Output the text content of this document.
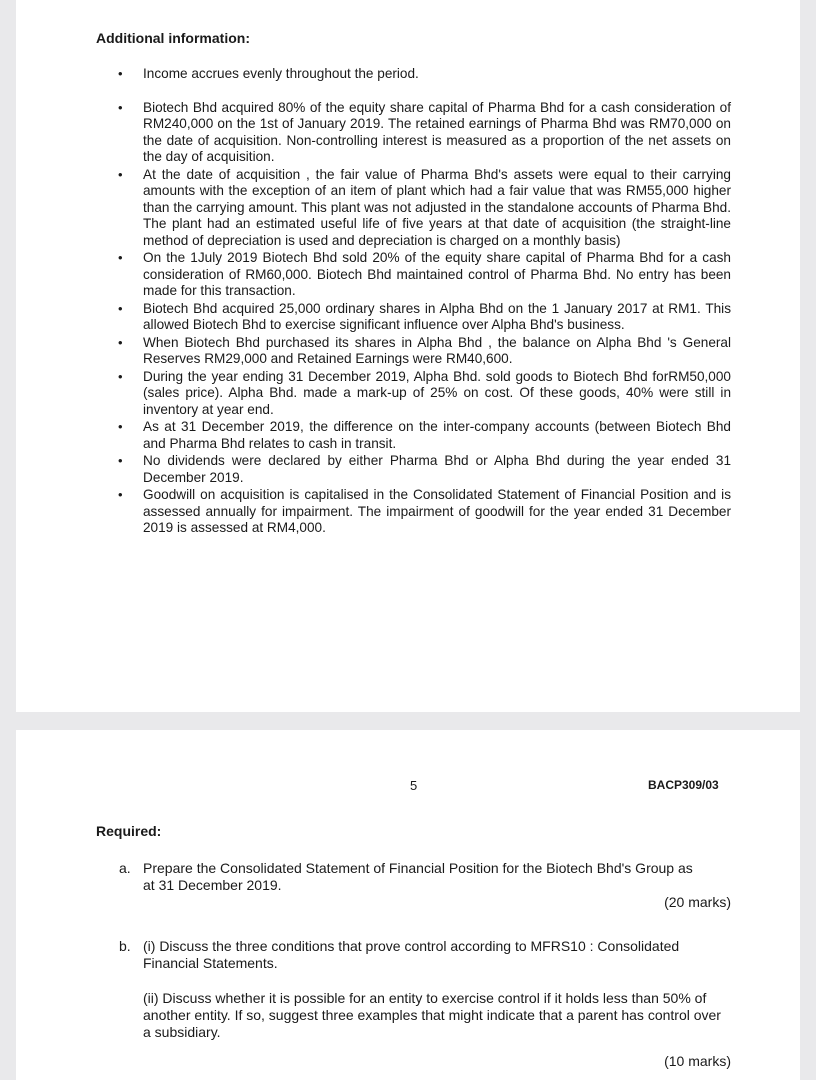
Additional information:
• Income accrues evenly throughout the period.
• Biotech Bhd acquired 80% of the equity share capital of Pharma Bhd for a cash consideration of RM240,000 on the 1st of January 2019. The retained earnings of Pharma Bhd was RM70,000 on the date of acquisition. Non-controlling interest is measured as a proportion of the net assets on the day of acquisition.
• At the date of acquisition , the fair value of Pharma Bhd's assets were equal to their carrying amounts with the exception of an item of plant which had a fair value that was RM55,000 higher than the carrying amount. This plant was not adjusted in the standalone accounts of Pharma Bhd. The plant had an estimated useful life of five years at that date of acquisition (the straight-line method of depreciation is used and depreciation is charged on a monthly basis)
• On the 1July 2019 Biotech Bhd sold 20% of the equity share capital of Pharma Bhd for a cash consideration of RM60,000. Biotech Bhd maintained control of Pharma Bhd. No entry has been made for this transaction.
• Biotech Bhd acquired 25,000 ordinary shares in Alpha Bhd on the 1 January 2017 at RM1. This allowed Biotech Bhd to exercise significant influence over Alpha Bhd's business.
• When Biotech Bhd purchased its shares in Alpha Bhd , the balance on Alpha Bhd 's General Reserves RM29,000 and Retained Earnings were RM40,600.
• During the year ending 31 December 2019, Alpha Bhd. sold goods to Biotech Bhd forRM50,000 (sales price). Alpha Bhd. made a mark-up of 25% on cost. Of these goods, 40% were still in inventory at year end.
• As at 31 December 2019, the difference on the inter-company accounts (between Biotech Bhd and Pharma Bhd relates to cash in transit.
• No dividends were declared by either Pharma Bhd or Alpha Bhd during the year ended 31 December 2019.
• Goodwill on acquisition is capitalised in the Consolidated Statement of Financial Position and is assessed annually for impairment. The impairment of goodwill for the year ended 31 December 2019 is assessed at RM4,000.
5	BACP309/03
Required:
a. Prepare the Consolidated Statement of Financial Position for the Biotech Bhd's Group as at 31 December 2019.
(20 marks)
b. (i) Discuss the three conditions that prove control according to MFRS10 : Consolidated Financial Statements.
(ii) Discuss whether it is possible for an entity to exercise control if it holds less than 50% of another entity. If so, suggest three examples that might indicate that a parent has control over a subsidiary.
(10 marks)
